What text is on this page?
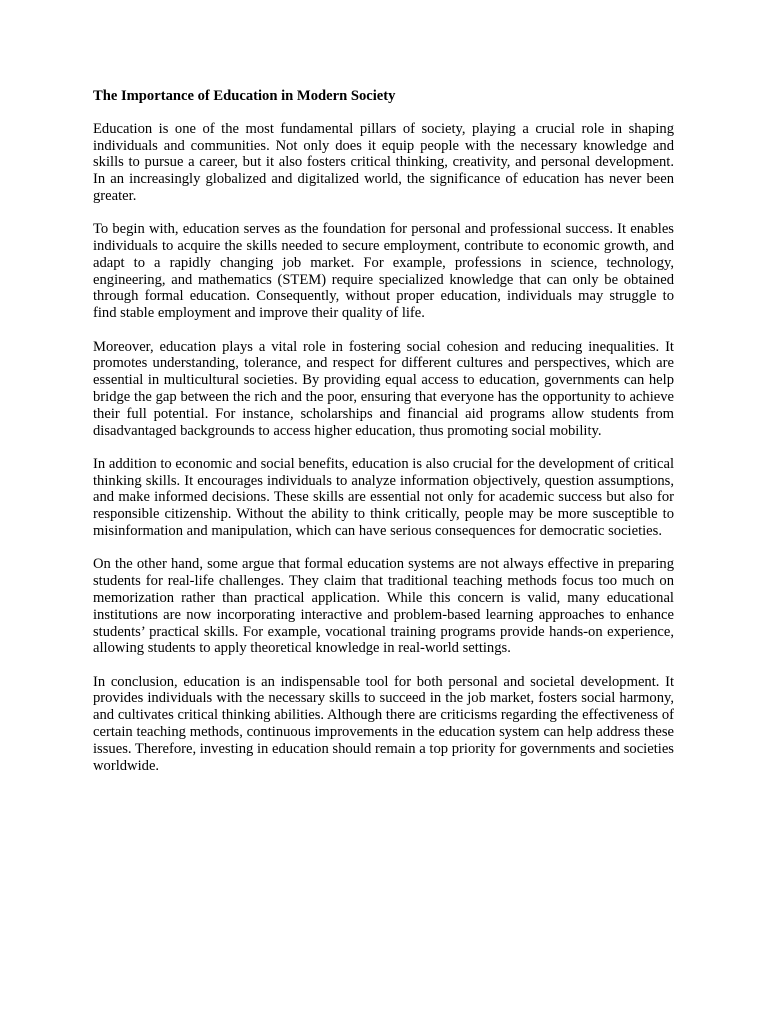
The Importance of Education in Modern Society

Education is one of the most fundamental pillars of society, playing a crucial role in shaping individuals and communities. Not only does it equip people with the necessary knowledge and skills to pursue a career, but it also fosters critical thinking, creativity, and personal development. In an increasingly globalized and digitalized world, the significance of education has never been greater.

To begin with, education serves as the foundation for personal and professional success. It enables individuals to acquire the skills needed to secure employment, contribute to economic growth, and adapt to a rapidly changing job market. For example, professions in science, technology, engineering, and mathematics (STEM) require specialized knowledge that can only be obtained through formal education. Consequently, without proper education, individuals may struggle to find stable employment and improve their quality of life.

Moreover, education plays a vital role in fostering social cohesion and reducing inequalities. It promotes understanding, tolerance, and respect for different cultures and perspectives, which are essential in multicultural societies. By providing equal access to education, governments can help bridge the gap between the rich and the poor, ensuring that everyone has the opportunity to achieve their full potential. For instance, scholarships and financial aid programs allow students from disadvantaged backgrounds to access higher education, thus promoting social mobility.

In addition to economic and social benefits, education is also crucial for the development of critical thinking skills. It encourages individuals to analyze information objectively, question assumptions, and make informed decisions. These skills are essential not only for academic success but also for responsible citizenship. Without the ability to think critically, people may be more susceptible to misinformation and manipulation, which can have serious consequences for democratic societies.

On the other hand, some argue that formal education systems are not always effective in preparing students for real-life challenges. They claim that traditional teaching methods focus too much on memorization rather than practical application. While this concern is valid, many educational institutions are now incorporating interactive and problem-based learning approaches to enhance students’ practical skills. For example, vocational training programs provide hands-on experience, allowing students to apply theoretical knowledge in real-world settings.

In conclusion, education is an indispensable tool for both personal and societal development. It provides individuals with the necessary skills to succeed in the job market, fosters social harmony, and cultivates critical thinking abilities. Although there are criticisms regarding the effectiveness of certain teaching methods, continuous improvements in the education system can help address these issues. Therefore, investing in education should remain a top priority for governments and societies worldwide.
